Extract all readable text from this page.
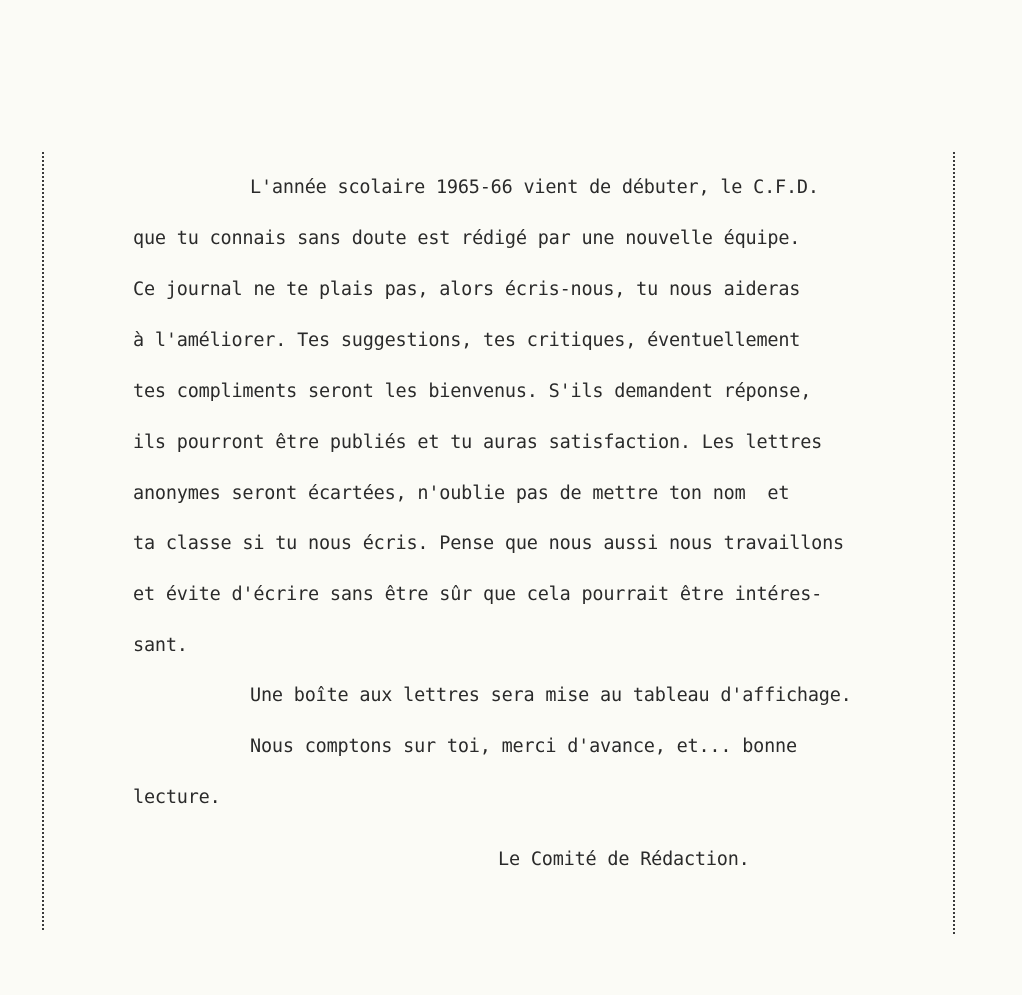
L'année scolaire 1965-66 vient de débuter, le C.F.D.
que tu connais sans doute est rédigé par une nouvelle équipe.
Ce journal ne te plais pas, alors écris-nous, tu nous aideras
à l'améliorer. Tes suggestions, tes critiques, éventuellement
tes compliments seront les bienvenus. S'ils demandent réponse,
ils pourront être publiés et tu auras satisfaction. Les lettres
anonymes seront écartées, n'oublie pas de mettre ton nom  et
ta classe si tu nous écris. Pense que nous aussi nous travaillons
et évite d'écrire sans être sûr que cela pourrait être intéres-
sant.
Une boîte aux lettres sera mise au tableau d'affichage.
Nous comptons sur toi, merci d'avance, et... bonne
lecture.
Le Comité de Rédaction.
